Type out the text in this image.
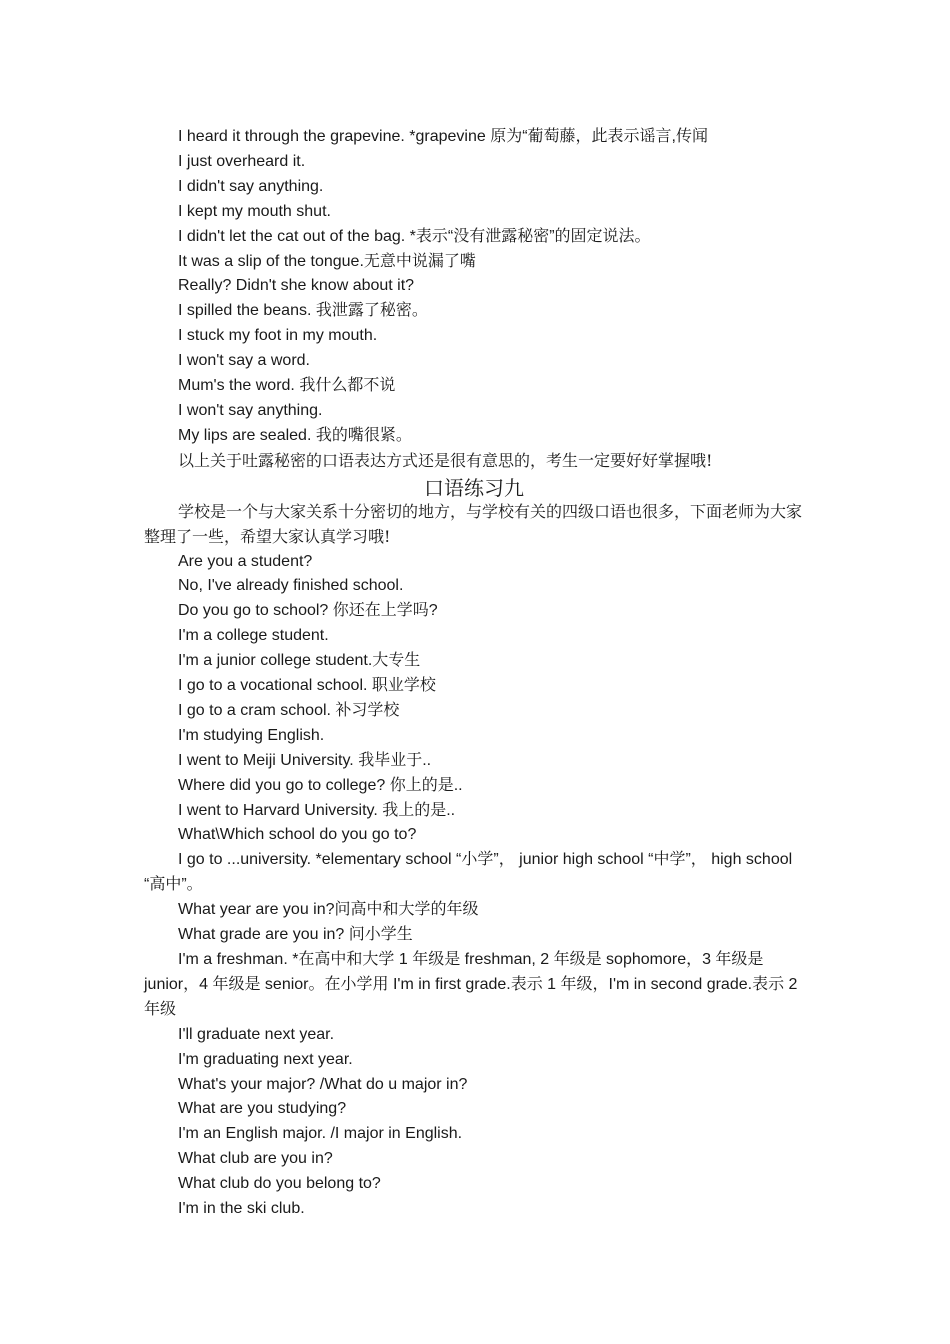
I heard it through the grapevine. *grapevine 原为“葡萄藤，此表示谣言,传闻
I just overheard it.
I didn't say anything.
I kept my mouth shut.
I didn't let the cat out of the bag. *表示“没有泄露秘密”的固定说法。
It was a slip of the tongue.无意中说漏了嘴
Really? Didn't she know about it?
I spilled the beans. 我泄露了秘密。
I stuck my foot in my mouth.
I won't say a word.
Mum's the word. 我什么都不说
I won't say anything.
My lips are sealed. 我的嘴很紧。
以上关于吐露秘密的口语表达方式还是很有意思的，考生一定要好好掌握哦!
口语练习九
学校是一个与大家关系十分密切的地方，与学校有关的四级口语也很多，下面老师为大家整理了一些，希望大家认真学习哦!
Are you a student?
No, I've already finished school.
Do you go to school? 你还在上学吗?
I'm a college student.
I'm a junior college student.大专生
I go to a vocational school. 职业学校
I go to a cram school. 补习学校
I'm studying English.
I went to Meiji University. 我毕业于..
Where did you go to college? 你上的是..
I went to Harvard University. 我上的是..
What\Which school do you go to?
I go to ...university. *elementary school “小学”， junior high school “中学”， high school “高中”。
What year are you in?问高中和大学的年级
What grade are you in? 问小学生
I'm a freshman. *在高中和大学 1 年级是 freshman, 2 年级是 sophomore，3 年级是 junior，4 年级是 senior。在小学用 I'm in first grade.表示 1 年级，I'm in second grade.表示 2 年级
I'll graduate next year.
I'm graduating next year.
What's your major? /What do u major in?
What are you studying?
I'm an English major. /I major in English.
What club are you in?
What club do you belong to?
I'm in the ski club.
